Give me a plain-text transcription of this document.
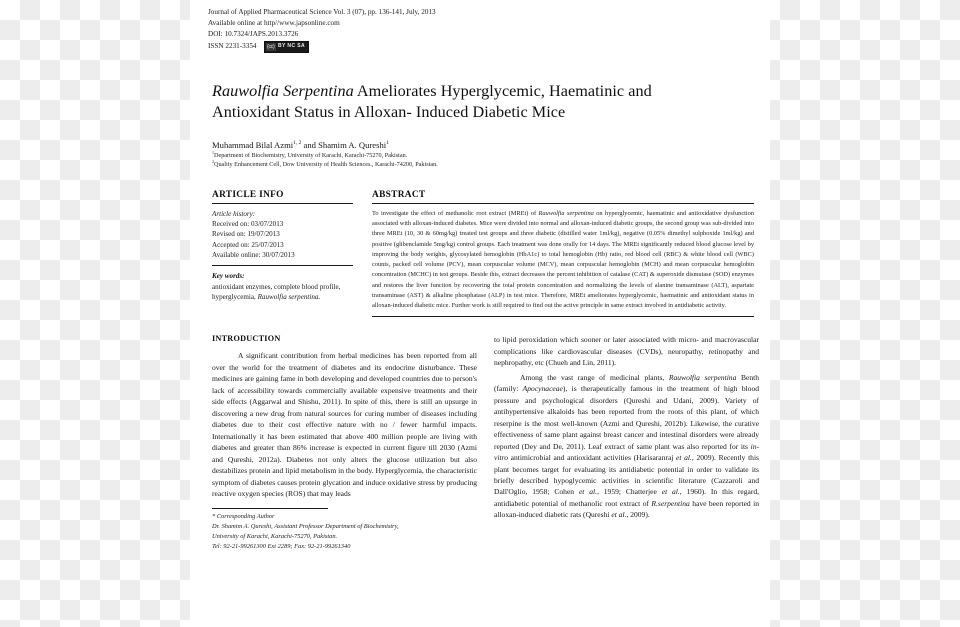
Journal of Applied Pharmaceutical Science Vol. 3 (07), pp. 136-141, July, 2013
Available online at http//www.japsonline.com
DOI: 10.7324/JAPS.2013.3726
ISSN 2231-3354 (cc) BY NC SA
Rauwolfia Serpentina Ameliorates Hyperglycemic, Haematinic and
Antioxidant Status in Alloxan- Induced Diabetic Mice
Muhammad Bilal Azmi$^{1, 2}$ and Shamim A. Qureshi$^1$
$^1$Department of Biochemistry, University of Karachi, Karachi-75270, Pakistan.
$^2$Quality Enhancement Cell, Dow University of Health Sciences., Karachi-74200, Pakistan.
ARTICLE INFO
Article history:
Received on: 03/07/2013
Revised on: 19/07/2013
Accepted on: 25/07/2013
Available online: 30/07/2013
Key words:
antioxidant enzymes, complete blood profile, hyperglycemia, Rauwolfia serpentina.
ABSTRACT
To investigate the effect of methanolic root extract (MREt) of Rauwolfia serpentina on hyperglycemic, haematinic and antioxidative dysfunction associated with alloxan-induced diabetes. Mice were divided into normal and alloxan-induced diabetic groups, the second group was sub-divided into three MREt (10, 30 & 60mg/kg) treated test groups and three diabetic (distilled water 1ml/kg), negative (0.05% dimethyl sulphoxide 1ml/kg) and positive (glibenclamide 5mg/kg) control groups. Each treatment was done orally for 14 days. The MREt significantly reduced blood glucose level by improving the body weights, glycosylated hemoglobin (HbA1c) to total hemoglobin (Hb) ratio, red blood cell (RBC) & white blood cell (WBC) counts, packed cell volume (PCV), mean corpuscular volume (MCV), mean corpuscular hemoglobin (MCH) and mean corpuscular hemoglobin concentration (MCHC) in test groups. Beside this, extract decreases the percent inhibition of catalase (CAT) & superoxide dismutase (SOD) enzymes and restores the liver function by recovering the total protein concentration and normalizing the levels of alanine transaminase (ALT), aspartate transaminase (AST) & alkaline phosphatase (ALP) in test mice. Therefore, MREt ameliorates hyperglycemic, haematinic and antioxidant status in alloxan-induced diabetic mice. Further work is still required to find out the active principle in same extract involved in antidiabetic activity.
INTRODUCTION

A significant contribution from herbal medicines has been reported from all over the world for the treatment of diabetes and its endocrine disturbance. These medicines are gaining fame in both developing and developed countries due to person's lack of accessibility towards commercially available expensive treatments and their side effects (Aggarwal and Shishu, 2011). In spite of this, there is still an upsurge in discovering a new drug from natural sources for curing number of diseases including diabetes due to their cost effective nature with no / fewer harmful impacts. Internationally it has been estimated that above 400 million people are living with diabetes and greater than 86% increase is expected in current figure till 2030 (Azmi and Qureshi, 2012a). Diabetes not only alters the glucose utilization but also destabilizes protein and lipid metabolism in the body. Hyperglycemia, the characteristic symptom of diabetes causes protein glycation and induce oxidative stress by producing reactive oxygen species (ROS) that may leads

* Corresponding Author
Dr. Shamim A. Qureshi, Assistant Professor Department of Biochemistry,
University of Karachi, Karachi-75270, Pakistan.
Tel: 92-21-99261300 Ext 2289; Fax: 92-21-99261340

to lipid peroxidation which sooner or later associated with micro- and macrovascular complications like cardiovascular diseases (CVDs), neuropathy, retinopathy and nephropathy, etc (Chueh and Lin, 2011).

Among the vast range of medicinal plants, Rauwolfia serpentina Benth (family: Apocynaceae), is therapeutically famous in the treatment of high blood pressure and psychological disorders (Qureshi and Udani, 2009). Variety of antihypertensive alkaloids has been reported from the roots of this plant, of which reserpine is the most well-known (Azmi and Qureshi, 2012b). Likewise, the curative effectiveness of same plant against breast cancer and intestinal disorders were already reported (Dey and De, 2011). Leaf extract of same plant was also reported for its in-vitro antimicrobial and antioxidant activities (Harisaranraj et al., 2009). Recently this plant becomes target for evaluating its antidiabetic potential in order to validate its briefly described hypoglycemic activities in scientific literature (Cazzaroli and Dall'Oglio, 1958; Cohen et al., 1959; Chatterjee et al., 1960). In this regard, antidiabetic potential of methanolic root extract of R.serpentina have been reported in alloxan-induced diabetic rats (Qureshi et al., 2009).
